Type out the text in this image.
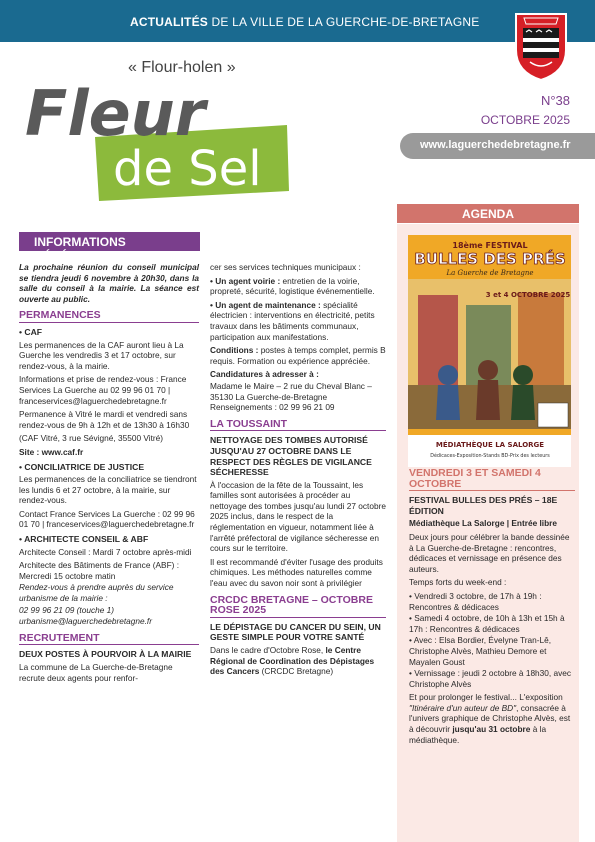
ACTUALITÉS DE LA VILLE DE LA GUERCHE-DE-BRETAGNE
« Flour-holen »
Fleur
de Sel
N°38
OCTOBRE 2025
www.laguerchedebretagne.fr
INFORMATIONS GÉNÉRALES

La prochaine réunion du conseil municipal se tiendra jeudi 6 novembre à 20h30, dans la salle du conseil à la mairie. La séance est ouverte au public.

PERMANENCES
• CAF

Les permanences de la CAF auront lieu à La Guerche les vendredis 3 et 17 octobre, sur rendez-vous, à la mairie.

Informations et prise de rendez-vous : France Services La Guerche au 02 99 96 01 70 | franceservices@laguerchedebretagne.fr

Permanence à Vitré le mardi et vendredi sans rendez-vous de 9h à 12h et de 13h30 à 16h30

(CAF Vitré, 3 rue Sévigné, 35500 Vitré)

Site : www.caf.fr

• CONCILIATRICE DE JUSTICE

Les permanences de la conciliatrice se tiendront les lundis 6 et 27 octobre, à la mairie, sur rendez-vous.

Contact France Services La Guerche : 02 99 96 01 70 | franceservices@laguerchedebretagne.fr

• ARCHITECTE CONSEIL & ABF

Architecte Conseil : Mardi 7 octobre après-midi

Architecte des Bâtiments de France (ABF) : Mercredi 15 octobre matin

Rendez-vous à prendre auprès du service urbanisme de la mairie :

02 99 96 21 09 (touche 1)

urbanisme@laguerchedebretagne.fr

RECRUTEMENT
DEUX POSTES À POURVOIR À LA MAIRIE

La commune de La Guerche-de-Bretagne recrute deux agents pour renfor-

cer ses services techniques municipaux :

• Un agent voirie : entretien de la voirie, propreté, sécurité, logistique événementielle.

• Un agent de maintenance : spécialité électricien : interventions en électricité, petits travaux dans les bâtiments communaux, participation aux manifestations.

Conditions : postes à temps complet, permis B requis. Formation ou expérience appréciée.

Candidatures à adresser à :

Madame le Maire – 2 rue du Cheval Blanc – 35130 La Guerche-de-Bretagne Renseignements : 02 99 96 21 09

LA TOUSSAINT
NETTOYAGE DES TOMBES AUTORISÉ JUSQU'AU 27 OCTOBRE DANS LE RESPECT DES RÈGLES DE VIGILANCE SÉCHERESSE

À l'occasion de la fête de la Toussaint, les familles sont autorisées à procéder au nettoyage des tombes jusqu'au lundi 27 octobre 2025 inclus, dans le respect de la réglementation en vigueur, notamment liée à l'arrêté préfectoral de vigilance sécheresse en cours sur le territoire.

Il est recommandé d'éviter l'usage des produits chimiques. Les méthodes naturelles comme l'eau avec du savon noir sont à privilégier

CRCDC BRETAGNE – OCTOBRE ROSE 2025
LE DÉPISTAGE DU CANCER DU SEIN, UN GESTE SIMPLE POUR VOTRE SANTÉ

Dans le cadre d'Octobre Rose, le Centre Régional de Coordination des Dépistages des Cancers (CRCDC Bretagne)

AGENDA
18ème FESTIVAL
BULLES DES PRÉS
La Guerche de Bretagne
3 et 4 OCTOBRE 2025
MÉDIATHÈQUE LA SALORGE
Dédicaces-Exposition-Stands BD-Prix des lecteurs
VENDREDI 3 ET SAMEDI 4 OCTOBRE
FESTIVAL BULLES DES PRÉS – 18E ÉDITION

Médiathèque La Salorge | Entrée libre

Deux jours pour célébrer la bande dessinée à La Guerche-de-Bretagne : rencontres, dédicaces et vernissage en présence des auteurs.

Temps forts du week-end :

• Vendredi 3 octobre, de 17h à 19h : Rencontres & dédicaces

• Samedi 4 octobre, de 10h à 13h et 15h à 17h : Rencontres & dédicaces

• Avec : Elsa Bordier, Évelyne Tran-Lê, Christophe Alvès, Mathieu Demore et Mayalen Goust

• Vernissage : jeudi 2 octobre à 18h30, avec Christophe Alvès

Et pour prolonger le festival... L'exposition "Itinéraire d'un auteur de BD", consacrée à l'univers graphique de Christophe Alvès, est à découvrir jusqu'au 31 octobre à la médiathèque.
